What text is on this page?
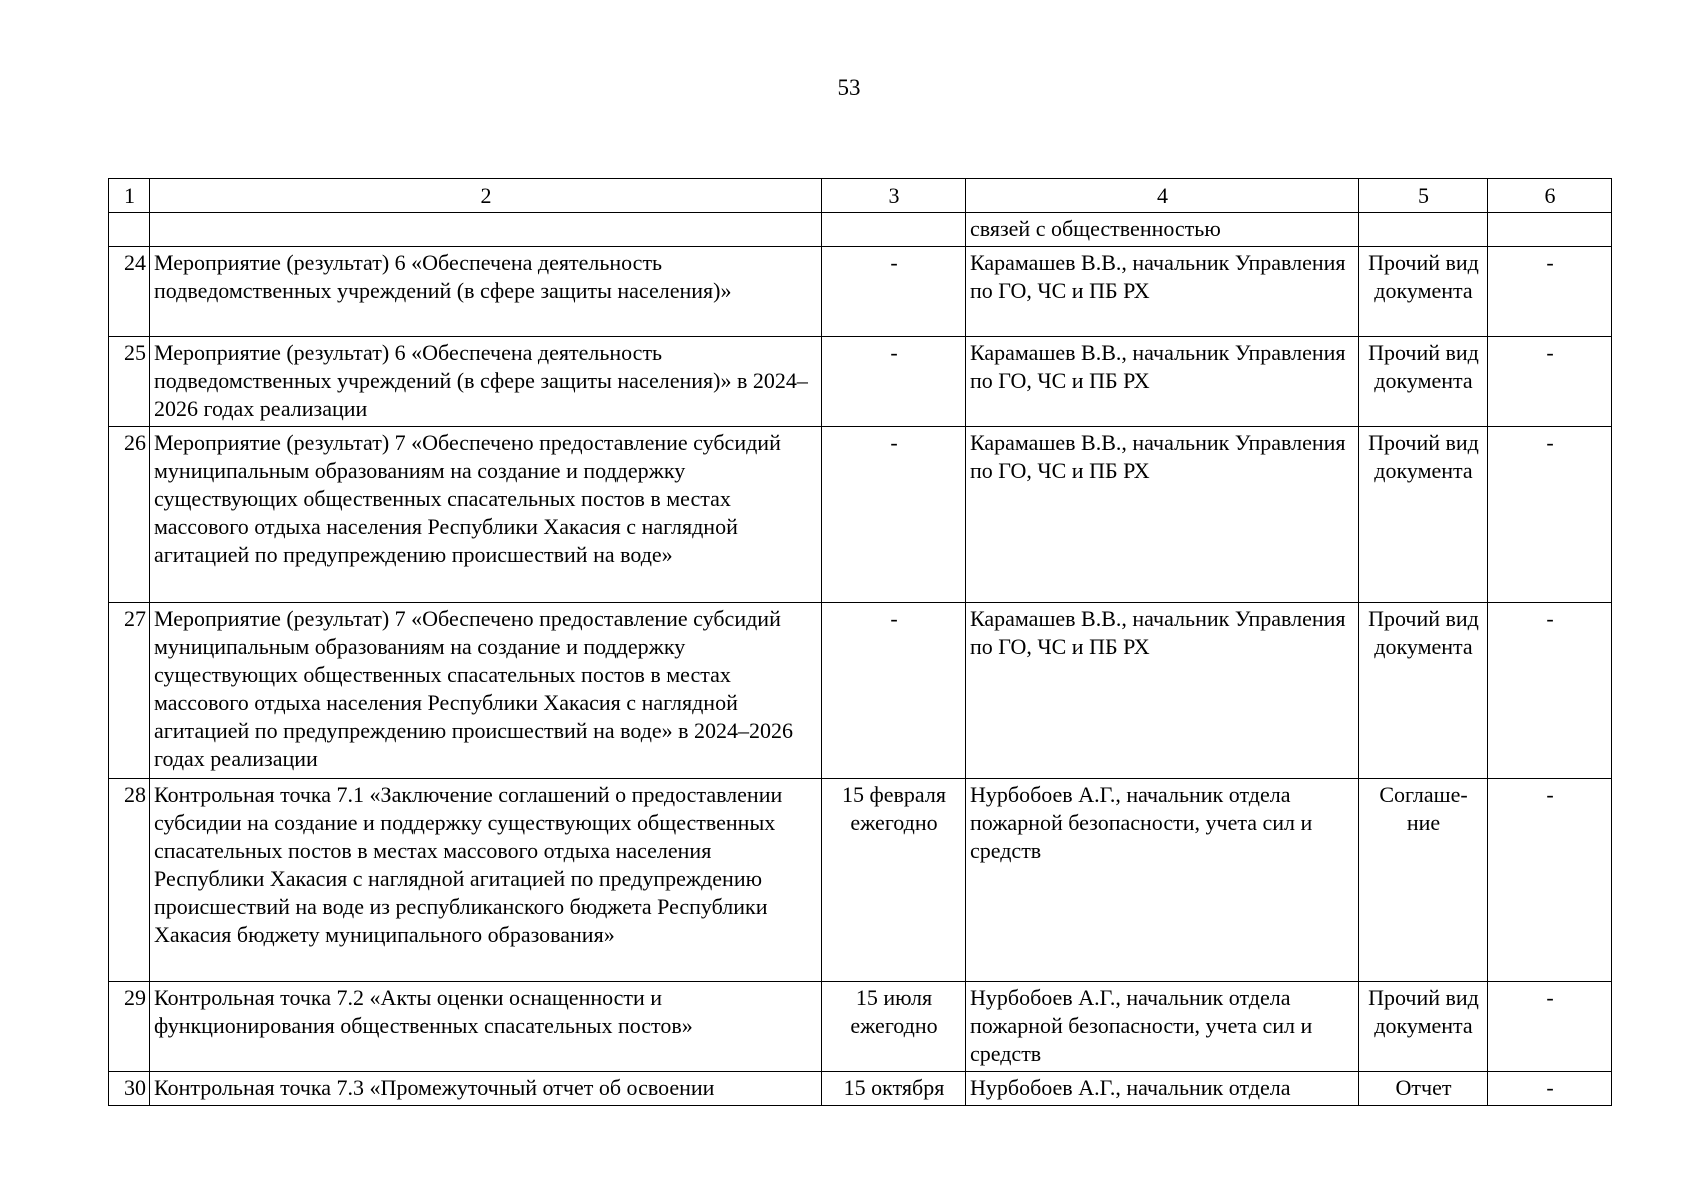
53
1	2	3	4	5	6
			связей с общественностью		
24	Мероприятие (результат) 6 «Обеспечена деятельность подведомственных учреждений (в сфере защиты населения)»	-	Карамашев В.В., начальник Управления по ГО, ЧС и ПБ РХ	Прочий вид документа	-
25	Мероприятие (результат) 6 «Обеспечена деятельность подведомственных учреждений (в сфере защиты населения)» в 2024–2026 годах реализации	-	Карамашев В.В., начальник Управления по ГО, ЧС и ПБ РХ	Прочий вид документа	-
26	Мероприятие (результат) 7 «Обеспечено предоставление субсидий муниципальным образованиям на создание и поддержку существующих общественных спасательных постов в местах массового отдыха населения Республики Хакасия с наглядной агитацией по предупреждению происшествий на воде»	-	Карамашев В.В., начальник Управления по ГО, ЧС и ПБ РХ	Прочий вид документа	-
27	Мероприятие (результат) 7 «Обеспечено предоставление субсидий муниципальным образованиям на создание и поддержку существующих общественных спасательных постов в местах массового отдыха населения Республики Хакасия с наглядной агитацией по предупреждению происшествий на воде» в 2024–2026 годах реализации	-	Карамашев В.В., начальник Управления по ГО, ЧС и ПБ РХ	Прочий вид документа	-
28	Контрольная точка 7.1 «Заключение соглашений о предоставлении субсидии на создание и поддержку существующих общественных спасательных постов в местах массового отдыха населения Республики Хакасия с наглядной агитацией по предупреждению происшествий на воде из республиканского бюджета Республики Хакасия бюджету муниципального образования»	15 февраля ежегодно	Нурбобоев А.Г., начальник отдела пожарной безопасности, учета сил и средств	Соглаше-ние	-
29	Контрольная точка 7.2 «Акты оценки оснащенности и функционирования общественных спасательных постов»	15 июля ежегодно	Нурбобоев А.Г., начальник отдела пожарной безопасности, учета сил и средств	Прочий вид документа	-
30	Контрольная точка 7.3 «Промежуточный отчет об освоении	15 октября	Нурбобоев А.Г., начальник отдела	Отчет	-
